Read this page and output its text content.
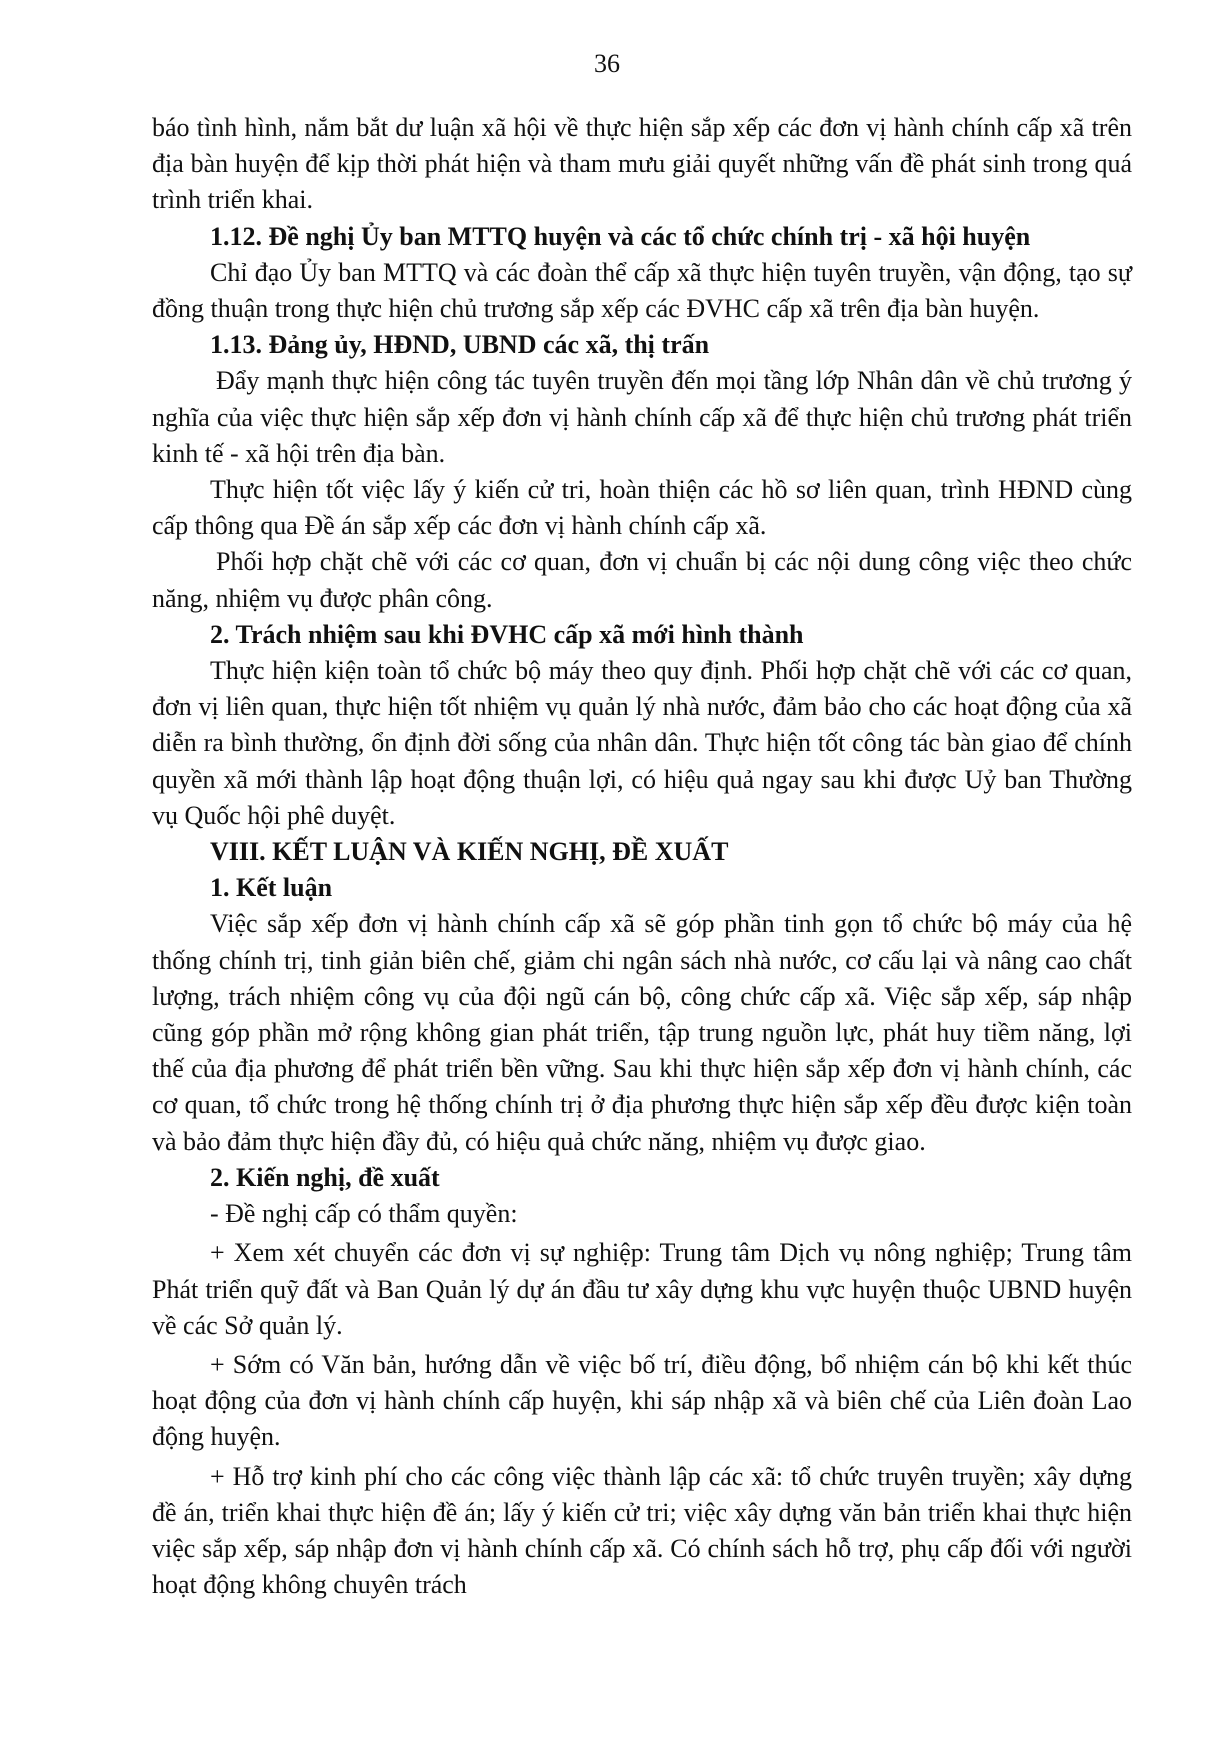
36

báo tình hình, nắm bắt dư luận xã hội về thực hiện sắp xếp các đơn vị hành chính cấp xã trên địa bàn huyện để kịp thời phát hiện và tham mưu giải quyết những vấn đề phát sinh trong quá trình triển khai.

1.12. Đề nghị Ủy ban MTTQ huyện và các tổ chức chính trị - xã hội huyện

Chỉ đạo Ủy ban MTTQ và các đoàn thể cấp xã thực hiện tuyên truyền, vận động, tạo sự đồng thuận trong thực hiện chủ trương sắp xếp các ĐVHC cấp xã trên địa bàn huyện.

1.13. Đảng ủy, HĐND, UBND các xã, thị trấn

Đẩy mạnh thực hiện công tác tuyên truyền đến mọi tầng lớp Nhân dân về chủ trương ý nghĩa của việc thực hiện sắp xếp đơn vị hành chính cấp xã để thực hiện chủ trương phát triển kinh tế - xã hội trên địa bàn.

Thực hiện tốt việc lấy ý kiến cử tri, hoàn thiện các hồ sơ liên quan, trình HĐND cùng cấp thông qua Đề án sắp xếp các đơn vị hành chính cấp xã.

Phối hợp chặt chẽ với các cơ quan, đơn vị chuẩn bị các nội dung công việc theo chức năng, nhiệm vụ được phân công.

2. Trách nhiệm sau khi ĐVHC cấp xã mới hình thành

Thực hiện kiện toàn tổ chức bộ máy theo quy định. Phối hợp chặt chẽ với các cơ quan, đơn vị liên quan, thực hiện tốt nhiệm vụ quản lý nhà nước, đảm bảo cho các hoạt động của xã diễn ra bình thường, ổn định đời sống của nhân dân. Thực hiện tốt công tác bàn giao để chính quyền xã mới thành lập hoạt động thuận lợi, có hiệu quả ngay sau khi được Uỷ ban Thường vụ Quốc hội phê duyệt.

VIII. KẾT LUẬN VÀ KIẾN NGHỊ, ĐỀ XUẤT

1. Kết luận

Việc sắp xếp đơn vị hành chính cấp xã sẽ góp phần tinh gọn tổ chức bộ máy của hệ thống chính trị, tinh giản biên chế, giảm chi ngân sách nhà nước, cơ cấu lại và nâng cao chất lượng, trách nhiệm công vụ của đội ngũ cán bộ, công chức cấp xã. Việc sắp xếp, sáp nhập cũng góp phần mở rộng không gian phát triển, tập trung nguồn lực, phát huy tiềm năng, lợi thế của địa phương để phát triển bền vững. Sau khi thực hiện sắp xếp đơn vị hành chính, các cơ quan, tổ chức trong hệ thống chính trị ở địa phương thực hiện sắp xếp đều được kiện toàn và bảo đảm thực hiện đầy đủ, có hiệu quả chức năng, nhiệm vụ được giao.

2. Kiến nghị, đề xuất

- Đề nghị cấp có thẩm quyền:

+ Xem xét chuyển các đơn vị sự nghiệp: Trung tâm Dịch vụ nông nghiệp; Trung tâm Phát triển quỹ đất và Ban Quản lý dự án đầu tư xây dựng khu vực huyện thuộc UBND huyện về các Sở quản lý.

+ Sớm có Văn bản, hướng dẫn về việc bố trí, điều động, bổ nhiệm cán bộ khi kết thúc hoạt động của đơn vị hành chính cấp huyện, khi sáp nhập xã và biên chế của Liên đoàn Lao động huyện.

+ Hỗ trợ kinh phí cho các công việc thành lập các xã: tổ chức truyên truyền; xây dựng đề án, triển khai thực hiện đề án; lấy ý kiến cử tri; việc xây dựng văn bản triển khai thực hiện việc sắp xếp, sáp nhập đơn vị hành chính cấp xã. Có chính sách hỗ trợ, phụ cấp đối với người hoạt động không chuyên trách
